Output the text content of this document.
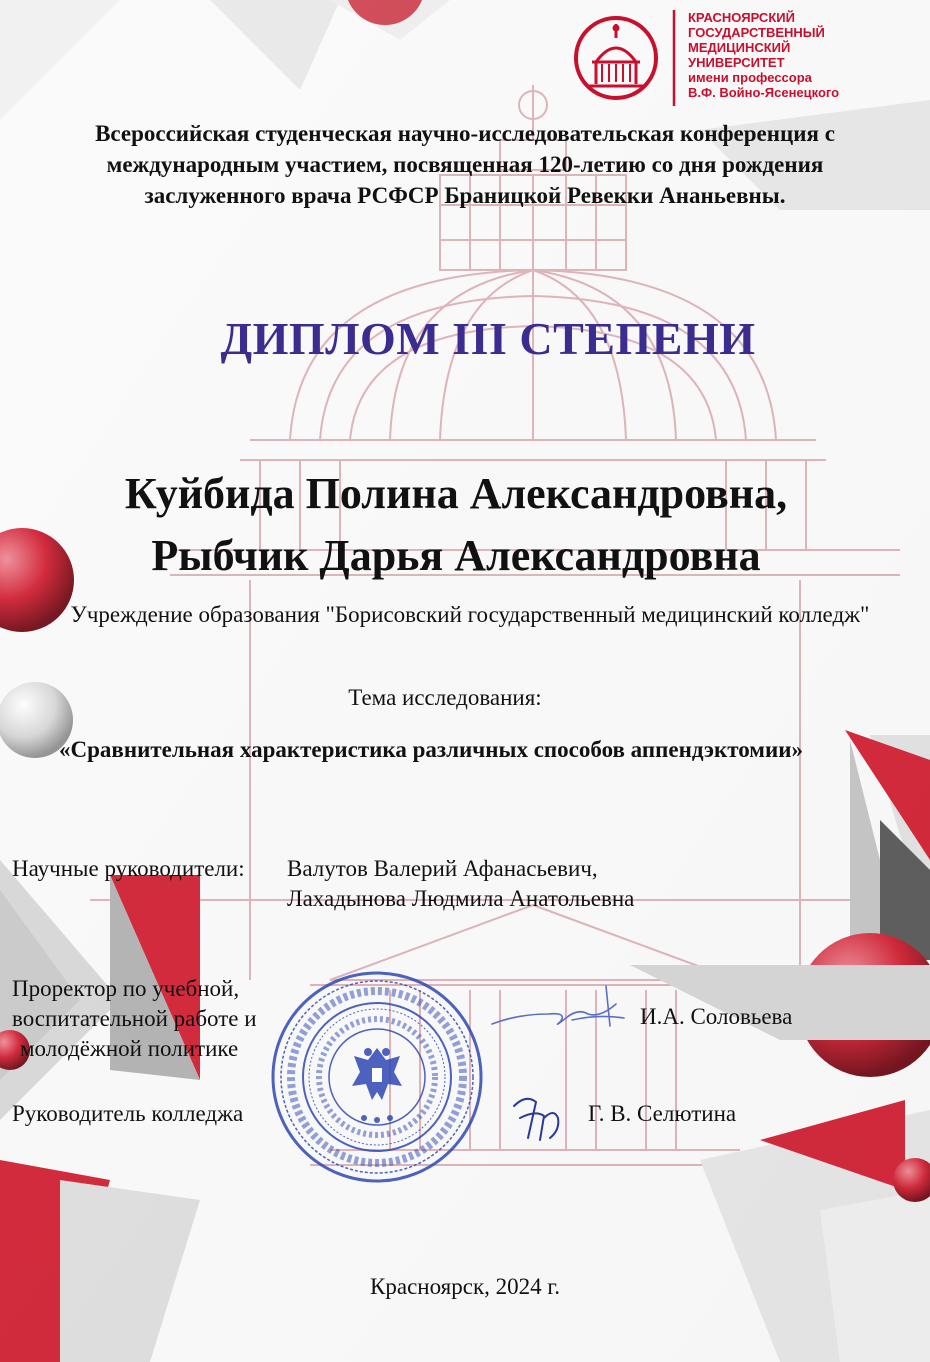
КРАСНОЯРСКИЙ
ГОСУДАРСТВЕННЫЙ
МЕДИЦИНСКИЙ
УНИВЕРСИТЕТ
имени профессора
В.Ф. Войно-Ясенецкого

Всероссийская студенческая научно-исследовательская конференция с
международным участием, посвященная 120-летию со дня рождения
заслуженного врача РСФСР Браницкой Ревекки Ананьевны.

ДИПЛОМ III СТЕПЕНИ

Куйбида Полина Александровна,
Рыбчик Дарья Александровна

Учреждение образования "Борисовский государственный медицинский колледж"

Тема исследования:

«Сравнительная характеристика различных способов аппендэктомии»

Научные руководители: Валутов Валерий Афанасьевич,

Лахадынова Людмила Анатольевна

Проректор по учебной,
воспитательной работе и
молодёжной политике

И.А. Соловьева

Руководитель колледжа	Г. В. Селютина

Красноярск, 2024 г.
